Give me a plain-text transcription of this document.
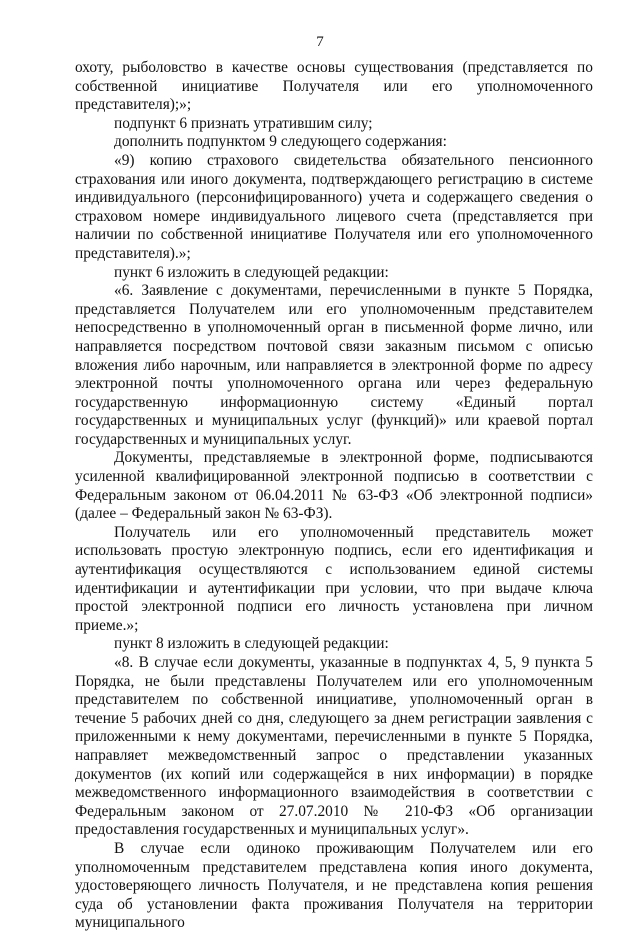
7

охоту, рыболовство в качестве основы существования (представляется по собственной инициативе Получателя или его уполномоченного представителя);»;

подпункт 6 признать утратившим силу;

дополнить подпунктом 9 следующего содержания:

«9) копию страхового свидетельства обязательного пенсионного страхования или иного документа, подтверждающего регистрацию в системе индивидуального (персонифицированного) учета и содержащего сведения о страховом номере индивидуального лицевого счета (представляется при наличии по собственной инициативе Получателя или его уполномоченного представителя).»;

пункт 6 изложить в следующей редакции:

«6. Заявление с документами, перечисленными в пункте 5 Порядка, представляется Получателем или его уполномоченным представителем непосредственно в уполномоченный орган в письменной форме лично, или направляется посредством почтовой связи заказным письмом с описью вложения либо нарочным, или направляется в электронной форме по адресу электронной почты уполномоченного органа или через федеральную государственную информационную систему «Единый портал государственных и муниципальных услуг (функций)» или краевой портал государственных и муниципальных услуг.

Документы, представляемые в электронной форме, подписываются усиленной квалифицированной электронной подписью в соответствии с Федеральным законом от 06.04.2011 № 63-ФЗ «Об электронной подписи» (далее – Федеральный закон № 63-ФЗ).

Получатель или его уполномоченный представитель может использовать простую электронную подпись, если его идентификация и аутентификация осуществляются с использованием единой системы идентификации и аутентификации при условии, что при выдаче ключа простой электронной подписи его личность установлена при личном приеме.»;

пункт 8 изложить в следующей редакции:

«8. В случае если документы, указанные в подпунктах 4, 5, 9 пункта 5 Порядка, не были представлены Получателем или его уполномоченным представителем по собственной инициативе, уполномоченный орган в течение 5 рабочих дней со дня, следующего за днем регистрации заявления с приложенными к нему документами, перечисленными в пункте 5 Порядка, направляет межведомственный запрос о представлении указанных документов (их копий или содержащейся в них информации) в порядке межведомственного информационного взаимодействия в соответствии с Федеральным законом от 27.07.2010 № 210-ФЗ «Об организации предоставления государственных и муниципальных услуг».

В случае если одиноко проживающим Получателем или его уполномоченным представителем представлена копия иного документа, удостоверяющего личность Получателя, и не представлена копия решения суда об установлении факта проживания Получателя на территории муниципального
